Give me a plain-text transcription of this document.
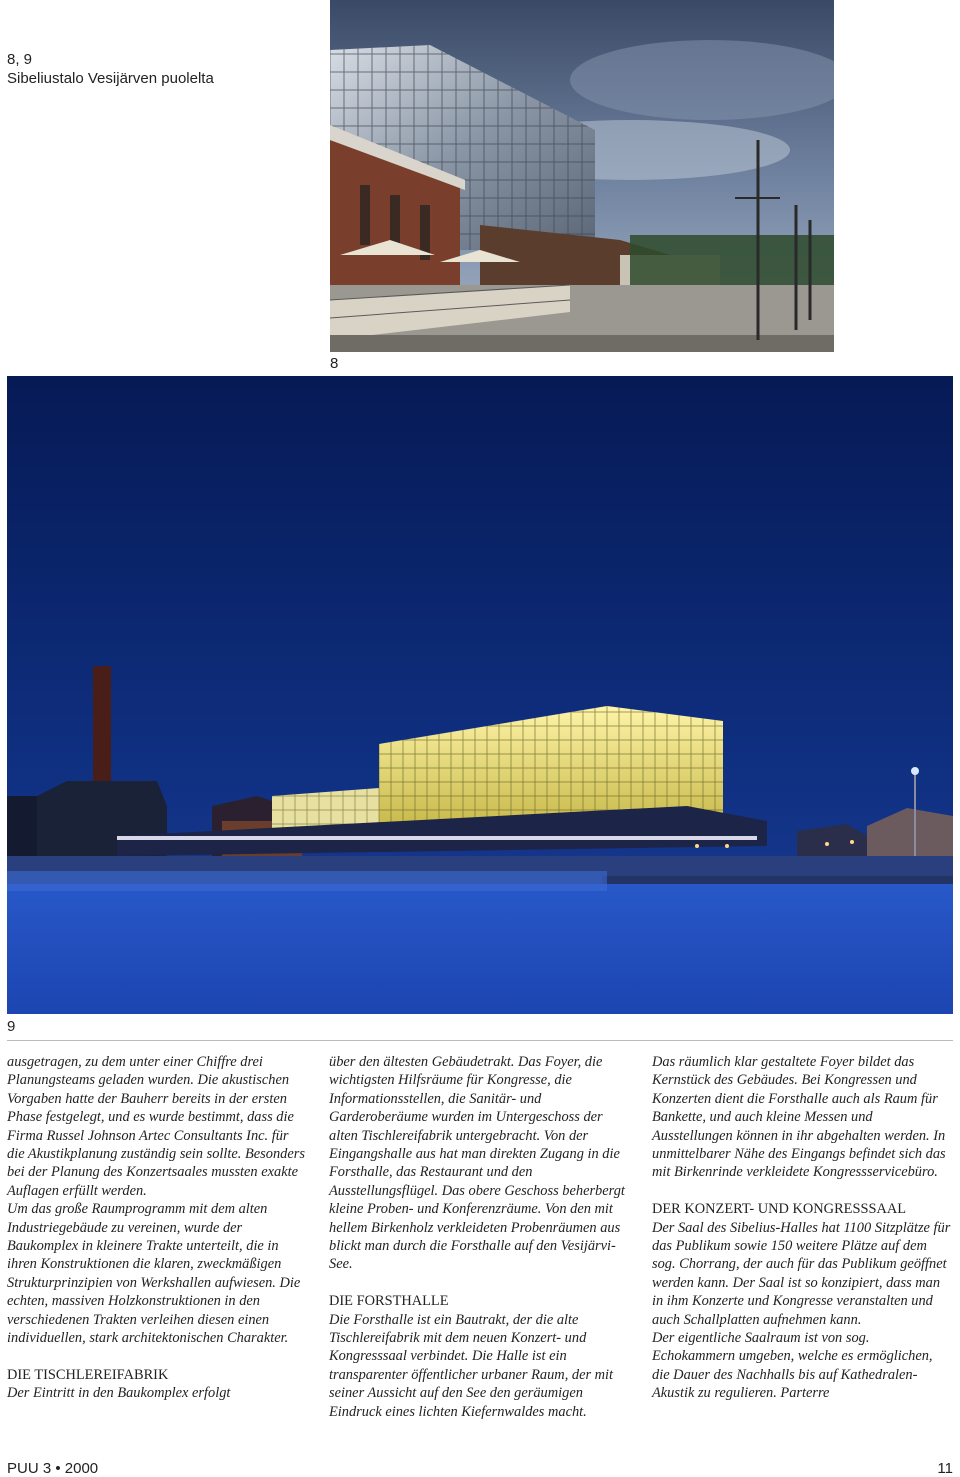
8, 9
Sibeliustalo Vesijärven puolelta
8
9

ausgetragen, zu dem unter einer Chiffre drei Planungsteams geladen wurden. Die akustischen Vorgaben hatte der Bauherr bereits in der ersten Phase festgelegt, und es wurde bestimmt, dass die Firma Russel Johnson Artec Consultants Inc. für die Akustikplanung zuständig sein sollte. Besonders bei der Planung des Konzertsaales mussten exakte Auflagen erfüllt werden.

Um das große Raumprogramm mit dem alten Industriegebäude zu vereinen, wurde der Baukomplex in kleinere Trakte unterteilt, die in ihren Konstruktionen die klaren, zweckmäßigen Strukturprinzipien von Werkshallen aufwiesen. Die echten, massiven Holzkonstruktionen in den verschiedenen Trakten verleihen diesen einen individuellen, stark architektonischen Charakter.

DIE TISCHLEREIFABRIK

Der Eintritt in den Baukomplex erfolgt

über den ältesten Gebäudetrakt. Das Foyer, die wichtigsten Hilfsräume für Kongresse, die Informationsstellen, die Sanitär- und Garderoberäume wurden im Untergeschoss der alten Tischlereifabrik untergebracht. Von der Eingangshalle aus hat man direkten Zugang in die Forsthalle, das Restaurant und den Ausstellungsflügel. Das obere Geschoss beherbergt kleine Proben- und Konferenzräume. Von den mit hellem Birkenholz verkleideten Probenräumen aus blickt man durch die Forsthalle auf den Vesijärvi-See.

DIE FORSTHALLE

Die Forsthalle ist ein Bautrakt, der die alte Tischlereifabrik mit dem neuen Konzert- und Kongresssaal verbindet. Die Halle ist ein transparenter öffentlicher urbaner Raum, der mit seiner Aussicht auf den See den geräumigen Eindruck eines lichten Kiefernwaldes macht.

Das räumlich klar gestaltete Foyer bildet das Kernstück des Gebäudes. Bei Kongressen und Konzerten dient die Forsthalle auch als Raum für Bankette, und auch kleine Messen und Ausstellungen können in ihr abgehalten werden. In unmittelbarer Nähe des Eingangs befindet sich das mit Birkenrinde verkleidete Kongressservicebüro.

DER KONZERT- UND KONGRESSSAAL

Der Saal des Sibelius-Halles hat 1100 Sitzplätze für das Publikum sowie 150 weitere Plätze auf dem sog. Chorrang, der auch für das Publikum geöffnet werden kann. Der Saal ist so konzipiert, dass man in ihm Konzerte und Kongresse veranstalten und auch Schallplatten aufnehmen kann.

Der eigentliche Saalraum ist von sog. Echokammern umgeben, welche es ermöglichen, die Dauer des Nachhalls bis auf Kathedralen-Akustik zu regulieren. Parterre

PUU 3 • 2000	11
